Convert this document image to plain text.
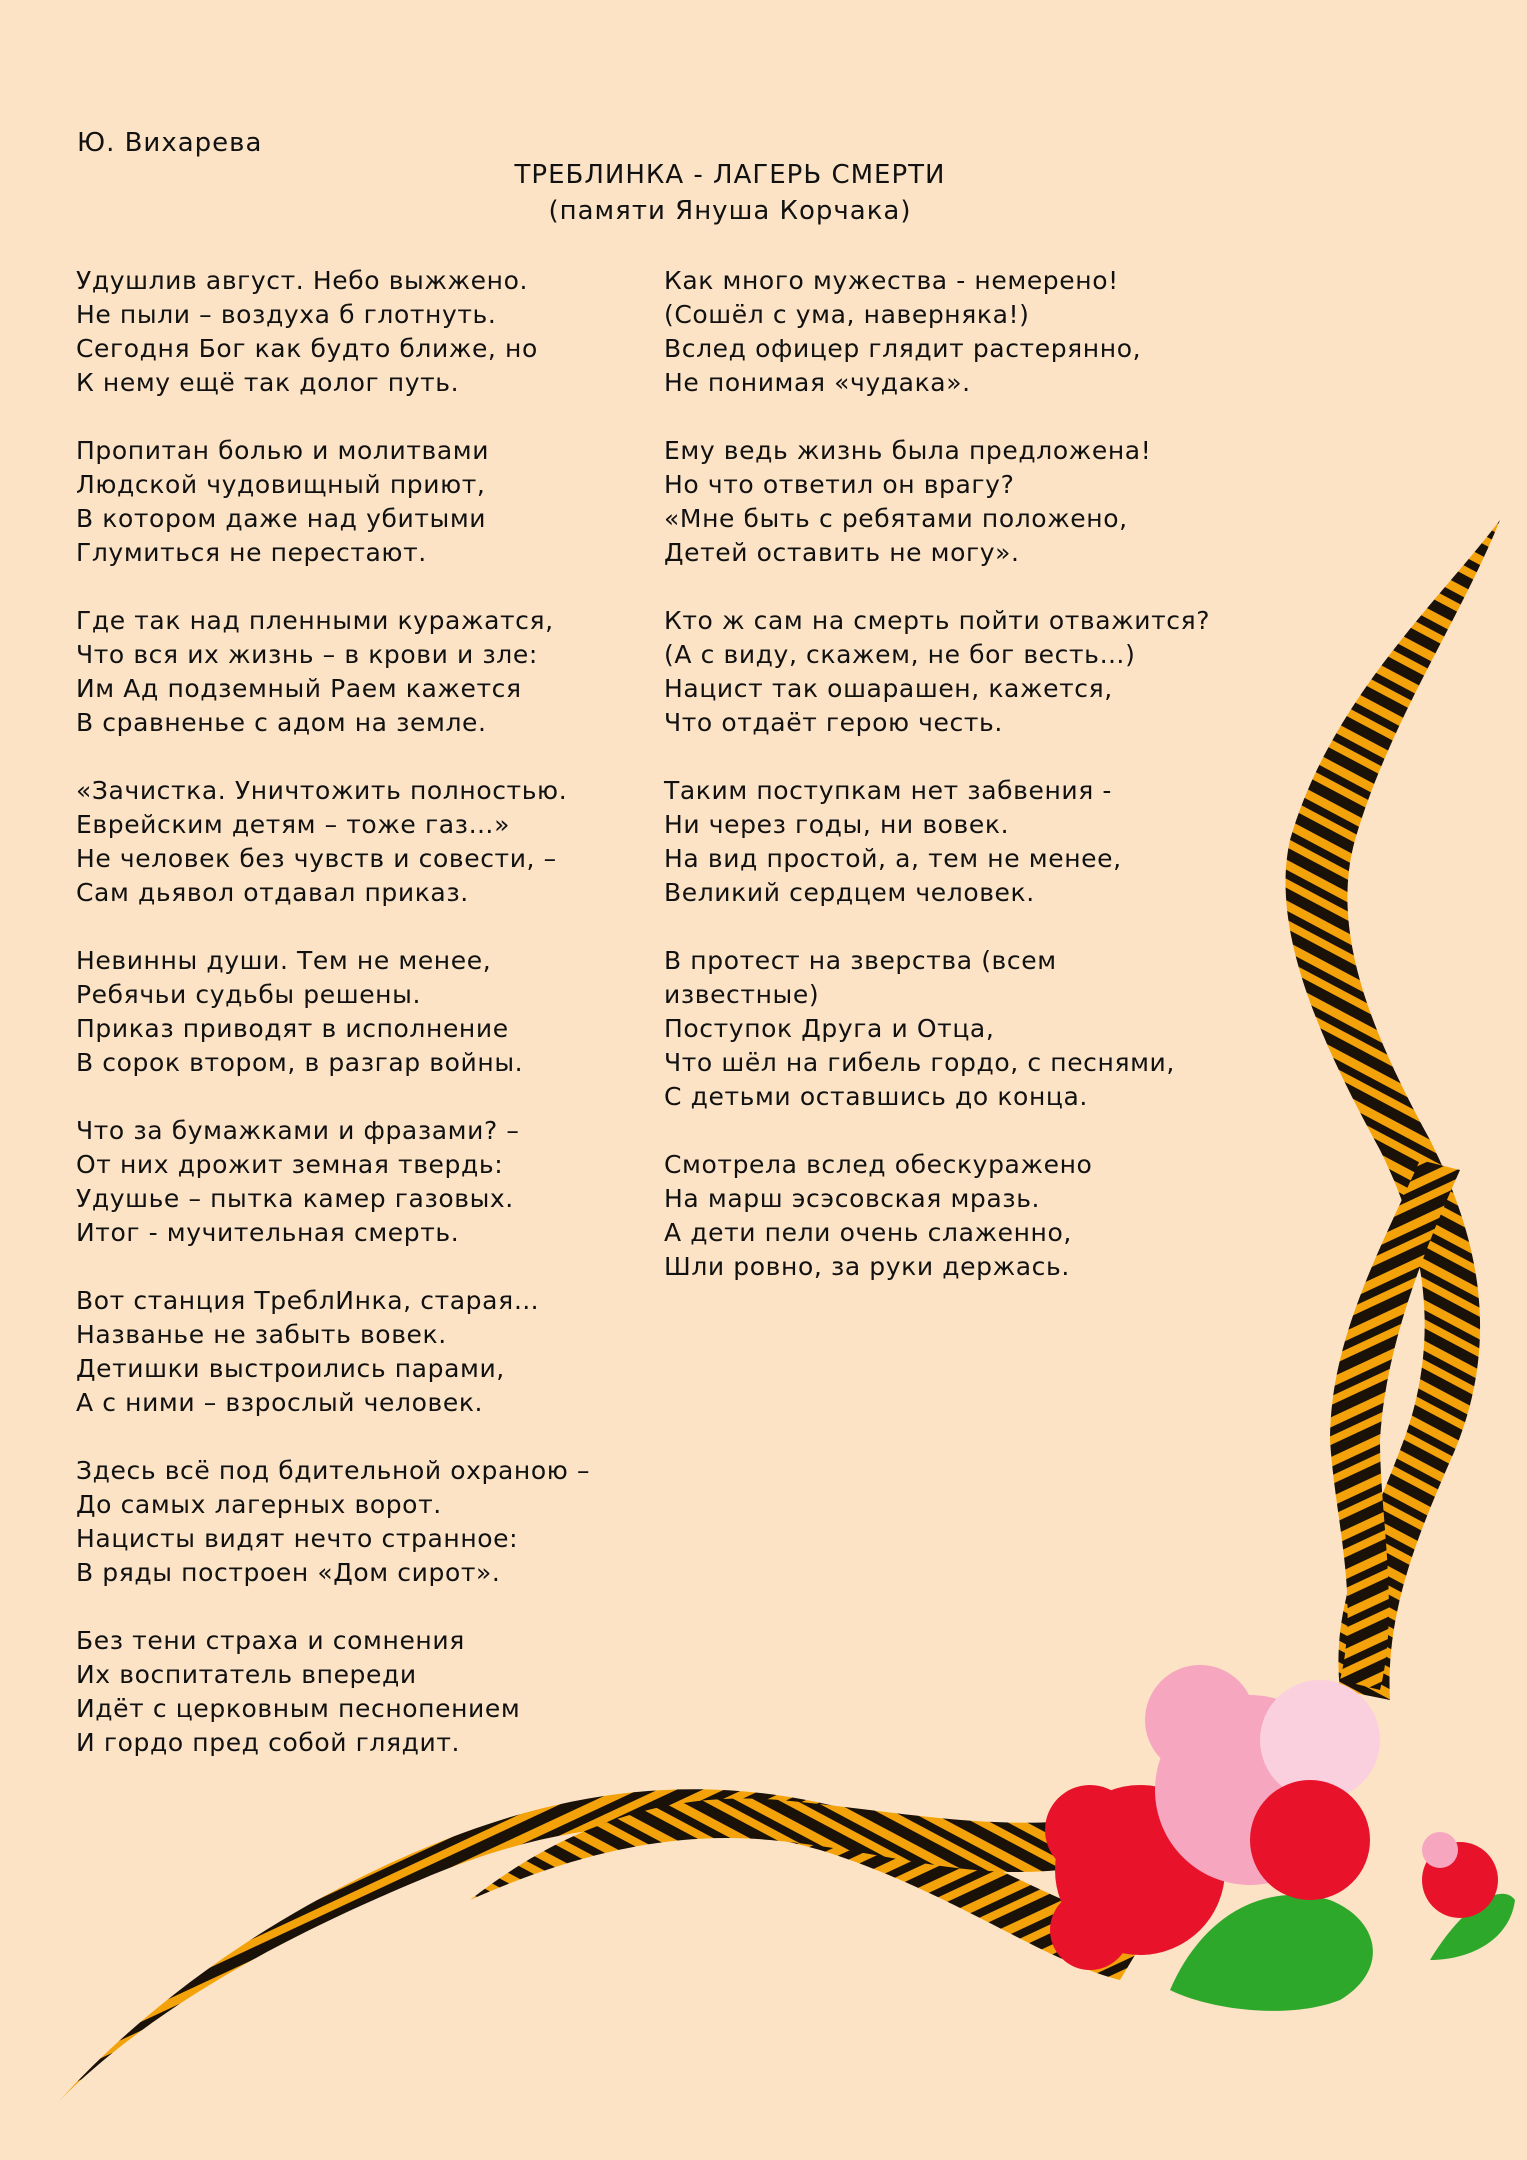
Ю. Вихарева
ТРЕБЛИНКА - ЛАГЕРЬ СМЕРТИ
(памяти Януша Корчака)
Удушлив август. Небо выжжено.
Не пыли – воздуха б глотнуть.
Сегодня Бог как будто ближе, но
К нему ещё так долог путь.
Пропитан болью и молитвами
Людской чудовищный приют,
В котором даже над убитыми
Глумиться не перестают.
Где так над пленными куражатся,
Что вся их жизнь – в крови и зле:
Им Ад подземный Раем кажется
В сравненье с адом на земле.
«Зачистка. Уничтожить полностью.
Еврейским детям – тоже газ…»
Не человек без чувств и совести, –
Сам дьявол отдавал приказ.
Невинны души. Тем не менее,
Ребячьи судьбы решены.
Приказ приводят в исполнение
В сорок втором, в разгар войны.
Что за бумажками и фразами? –
От них дрожит земная твердь:
Удушье – пытка камер газовых.
Итог - мучительная смерть.
Вот станция ТреблИнка, старая…
Названье не забыть вовек.
Детишки выстроились парами,
А с ними – взрослый человек.
Здесь всё под бдительной охраною –
До самых лагерных ворот.
Нацисты видят нечто странное:
В ряды построен «Дом сирот».
Без тени страха и сомнения
Их воспитатель впереди
Идёт с церковным песнопением
И гордо пред собой глядит.
Как много мужества - немерено!
(Сошёл с ума, наверняка!)
Вслед офицер глядит растерянно,
Не понимая «чудака».
Ему ведь жизнь была предложена!
Но что ответил он врагу?
«Мне быть с ребятами положено,
Детей оставить не могу».
Кто ж сам на смерть пойти отважится?
(А с виду, скажем, не бог весть…)
Нацист так ошарашен, кажется,
Что отдаёт герою честь.
Таким поступкам нет забвения -
Ни через годы, ни вовек.
На вид простой, а, тем не менее,
Великий сердцем человек.
В протест на зверства (всем
известные)
Поступок Друга и Отца,
Что шёл на гибель гордо, с песнями,
С детьми оставшись до конца.
Смотрела вслед обескуражено
На марш эсэсовская мразь.
А дети пели очень слаженно,
Шли ровно, за руки держась.
